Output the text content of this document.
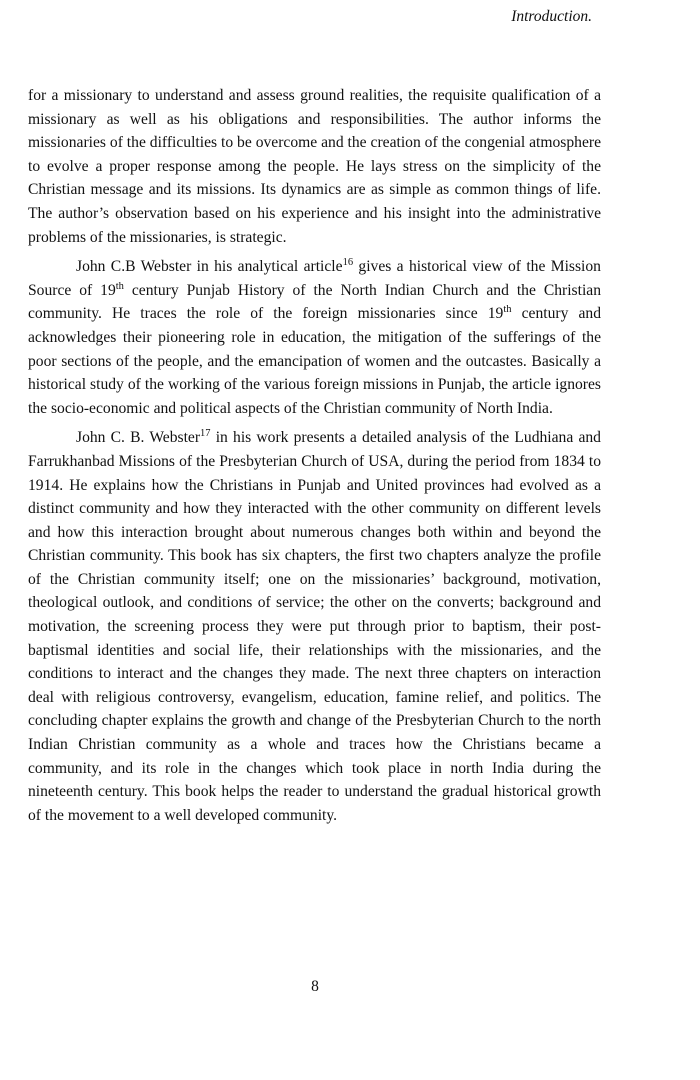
Introduction.

for a missionary to understand and assess ground realities, the requisite qualification of a missionary as well as his obligations and responsibilities. The author informs the missionaries of the difficulties to be overcome and the creation of the congenial atmosphere to evolve a proper response among the people. He lays stress on the simplicity of the Christian message and its missions. Its dynamics are as simple as common things of life. The author’s observation based on his experience and his insight into the administrative problems of the missionaries, is strategic.

John C.B Webster in his analytical article$^{16}$ gives a historical view of the Mission Source of 19th century Punjab History of the North Indian Church and the Christian community. He traces the role of the foreign missionaries since 19th century and acknowledges their pioneering role in education, the mitigation of the sufferings of the poor sections of the people, and the emancipation of women and the outcastes. Basically a historical study of the working of the various foreign missions in Punjab, the article ignores the socio-economic and political aspects of the Christian community of North India.

John C. B. Webster$^{17}$ in his work presents a detailed analysis of the Ludhiana and Farrukhanbad Missions of the Presbyterian Church of USA, during the period from 1834 to 1914. He explains how the Christians in Punjab and United provinces had evolved as a distinct community and how they interacted with the other community on different levels and how this interaction brought about numerous changes both within and beyond the Christian community. This book has six chapters, the first two chapters analyze the profile of the Christian community itself; one on the missionaries’ background, motivation, theological outlook, and conditions of service; the other on the converts; background and motivation, the screening process they were put through prior to baptism, their post-baptismal identities and social life, their relationships with the missionaries, and the conditions to interact and the changes they made. The next three chapters on interaction deal with religious controversy, evangelism, education, famine relief, and politics. The concluding chapter explains the growth and change of the Presbyterian Church to the north Indian Christian community as a whole and traces how the Christians became a community, and its role in the changes which took place in north India during the nineteenth century. This book helps the reader to understand the gradual historical growth of the movement to a well developed community.

8
